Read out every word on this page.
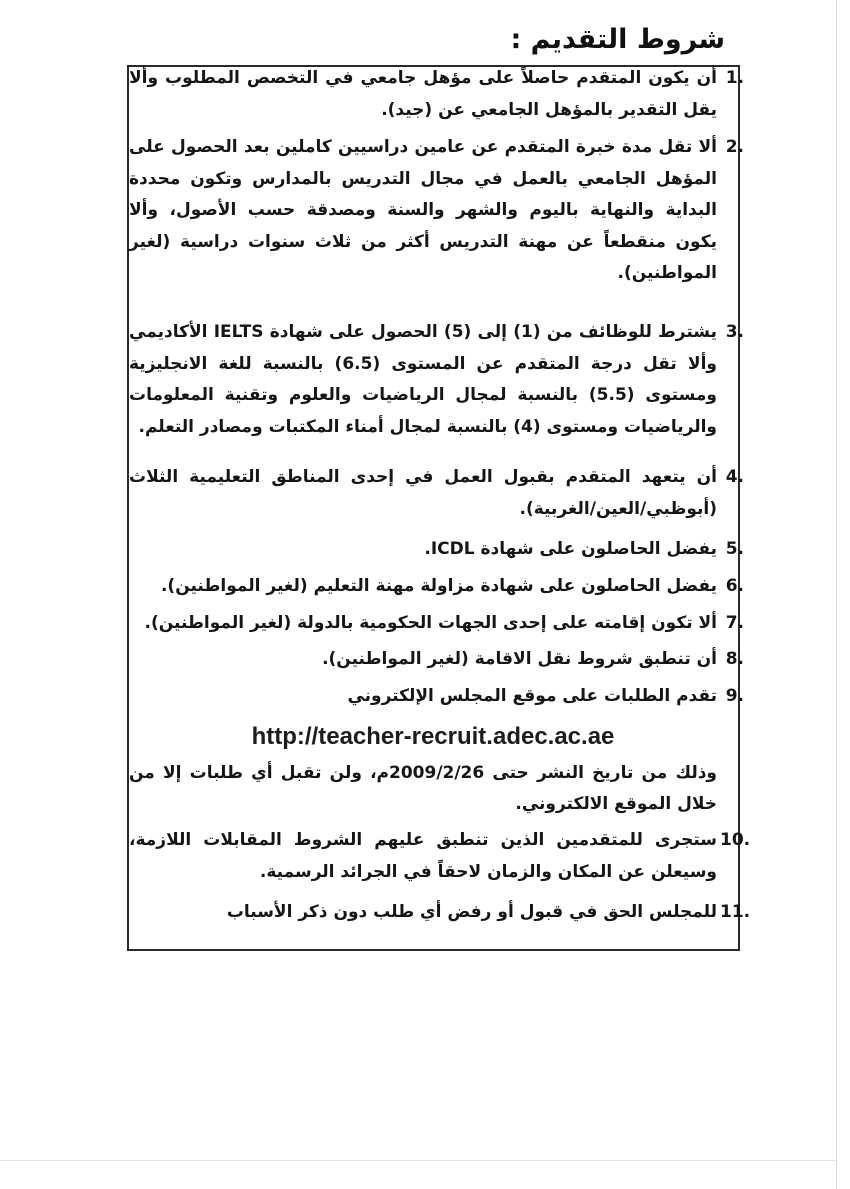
شروط التقديم :
1.
أن يكون المتقدم حاصلاً على مؤهل جامعي في التخصص المطلوب وألا يقل التقدير بالمؤهل الجامعي عن (جيد).
2.
ألا تقل مدة خبرة المتقدم عن عامين دراسيين كاملين بعد الحصول على المؤهل الجامعي بالعمل في مجال التدريس بالمدارس وتكون محددة البداية والنهاية باليوم والشهر والسنة ومصدقة حسب الأصول، وألا يكون منقطعاً عن مهنة التدريس أكثر من ثلاث سنوات دراسية (لغير المواطنين).
3.
يشترط للوظائف من (1) إلى (5) الحصول على شهادة IELTS الأكاديمي وألا تقل درجة المتقدم عن المستوى (6.5) بالنسبة للغة الانجليزية ومستوى (5.5) بالنسبة لمجال الرياضيات والعلوم وتقنية المعلومات والرياضيات ومستوى (4) بالنسبة لمجال أمناء المكتبات ومصادر التعلم.
4.
أن يتعهد المتقدم بقبول العمل في إحدى المناطق التعليمية الثلاث (أبوظبي/العين/الغربية).
5.
يفضل الحاصلون على شهادة ICDL.
6.
يفضل الحاصلون على شهادة مزاولة مهنة التعليم (لغير المواطنين).
7.
ألا تكون إقامته على إحدى الجهات الحكومية بالدولة (لغير المواطنين).
8.
أن تنطبق شروط نقل الاقامة (لغير المواطنين).
9.
تقدم الطلبات على موقع المجلس الإلكتروني
http://teacher-recruit.adec.ac.ae
وذلك من تاريخ النشر حتى 2009/2/26م، ولن تقبل أي طلبات إلا من خلال الموقع الالكتروني.
10.
ستجرى للمتقدمين الذين تنطبق عليهم الشروط المقابلات اللازمة، وسيعلن عن المكان والزمان لاحقاً في الجرائد الرسمية.
11.
للمجلس الحق في قبول أو رفض أي طلب دون ذكر الأسباب
